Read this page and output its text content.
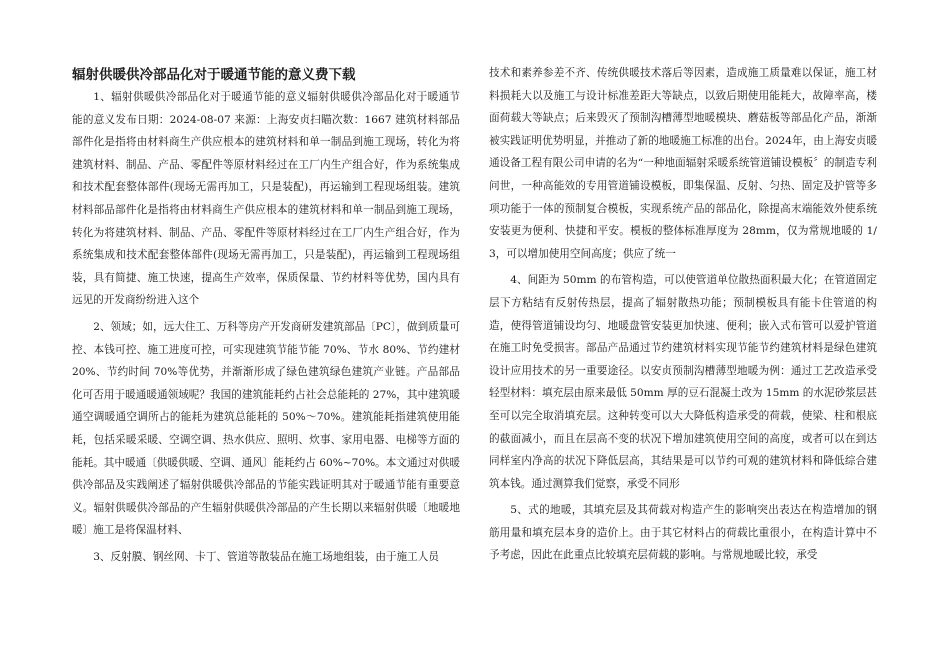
辐射供暖供冷部品化对于暖通节能的意义费下载

1、辐射供暖供冷部品化对于暖通节能的意义辐射供暖供冷部品化对于暖通节能的意义发布日期：2024-08-07 来源：上海安贞扫瞄次数：1667 建筑材料部品部件化是指将由材料商生产供应根本的建筑材料和单一制品到施工现场，转化为将建筑材料、制品、产品、零配件等原材料经过在工厂内生产组合好，作为系统集成和技术配套整体部件(现场无需再加工，只是装配)，再运输到工程现场组装。建筑材料部品部件化是指将由材料商生产供应根本的建筑材料和单一制品到施工现场，转化为将建筑材料、制品、产品、零配件等原材料经过在工厂内生产组合好，作为系统集成和技术配套整体部件(现场无需再加工，只是装配)，再运输到工程现场组装，具有简捷、施工快速，提高生产效率，保质保量、节约材料等优势，国内具有远见的开发商纷纷进入这个

2、领域；如，远大住工、万科等房产开发商研发建筑部品〔PC〕，做到质量可控、本钱可控、施工进度可控，可实现建筑节能节能 70%、节水 80%、节约建材 20%、节约时间 70%等优势，并渐渐形成了绿色建筑绿色建筑产业链。产品部品化可否用于暖通暖通领域呢？我国的建筑能耗约占社会总能耗的 27%，其中建筑暖通空调暖通空调所占的能耗为建筑总能耗的 50%～70%。建筑能耗指建筑使用能耗，包括采暖采暖、空调空调、热水供应、照明、炊事、家用电器、电梯等方面的能耗。其中暖通〔供暖供暖、空调、通风〕能耗约占 60%~70%。本文通过对供暖供冷部品及实践阐述了辐射供暖供冷部品的节能实践证明其对于暖通节能有重要意义。辐射供暖供冷部品的产生辐射供暖供冷部品的产生长期以来辐射供暖〔地暖地暖〕施工是将保温材料、

3、反射膜、钢丝网、卡丁、管道等散装品在施工场地组装，由于施工人员

技术和素养参差不齐、传统供暖技术落后等因素，造成施工质量难以保证，施工材料损耗大以及施工与设计标准差距大等缺点，以致后期使用能耗大，故障率高，楼面荷载大等缺点；后来毁灭了预制沟槽薄型地暖模块、蘑菇板等部品化产品，渐渐被实践证明优势明显，并推动了新的地暖施工标准的出台。2024年，由上海安贞暖通设备工程有限公司申请的名为“一种地面辐射采暖系统管道铺设模板〞的制造专利问世，一种高能效的专用管道铺设模板，即集保温、反射、匀热、固定及护管等多项功能于一体的预制复合模板，实现系统产品的部品化，除提高末端能效外使系统安装更为便利、快捷和平安。模板的整体标准厚度为 28mm，仅为常规地暖的 1/3，可以增加使用空间高度；供应了统一

4、间距为 50mm 的布管构造，可以使管道单位散热面积最大化；在管道固定层下方粘结有反射传热层，提高了辐射散热功能；预制模板具有能卡住管道的构造，使得管道铺设均匀、地暖盘管安装更加快速、便利；嵌入式布管可以爱护管道在施工时免受损害。部品产品通过节约建筑材料实现节能节约建筑材料是绿色建筑设计应用技术的另一重要途径。以安贞预制沟槽薄型地暖为例：通过工艺改造承受轻型材料：填充层由原来最低 50mm 厚的豆石混凝土改为 15mm 的水泥砂浆层甚至可以完全取消填充层。这种转变可以大大降低构造承受的荷载，使梁、柱和根底的截面减小，而且在层高不变的状况下增加建筑使用空间的高度，或者可以在到达同样室内净高的状况下降低层高，其结果是可以节约可观的建筑材料和降低综合建筑本钱。通过测算我们觉察，承受不同形

5、式的地暖，其填充层及其荷载对构造产生的影响突出表达在构造增加的钢筋用量和填充层本身的造价上。由于其它材料占的荷载比重很小，在构造计算中不予考虑，因此在此重点比较填充层荷载的影响。与常规地暖比较，承受
